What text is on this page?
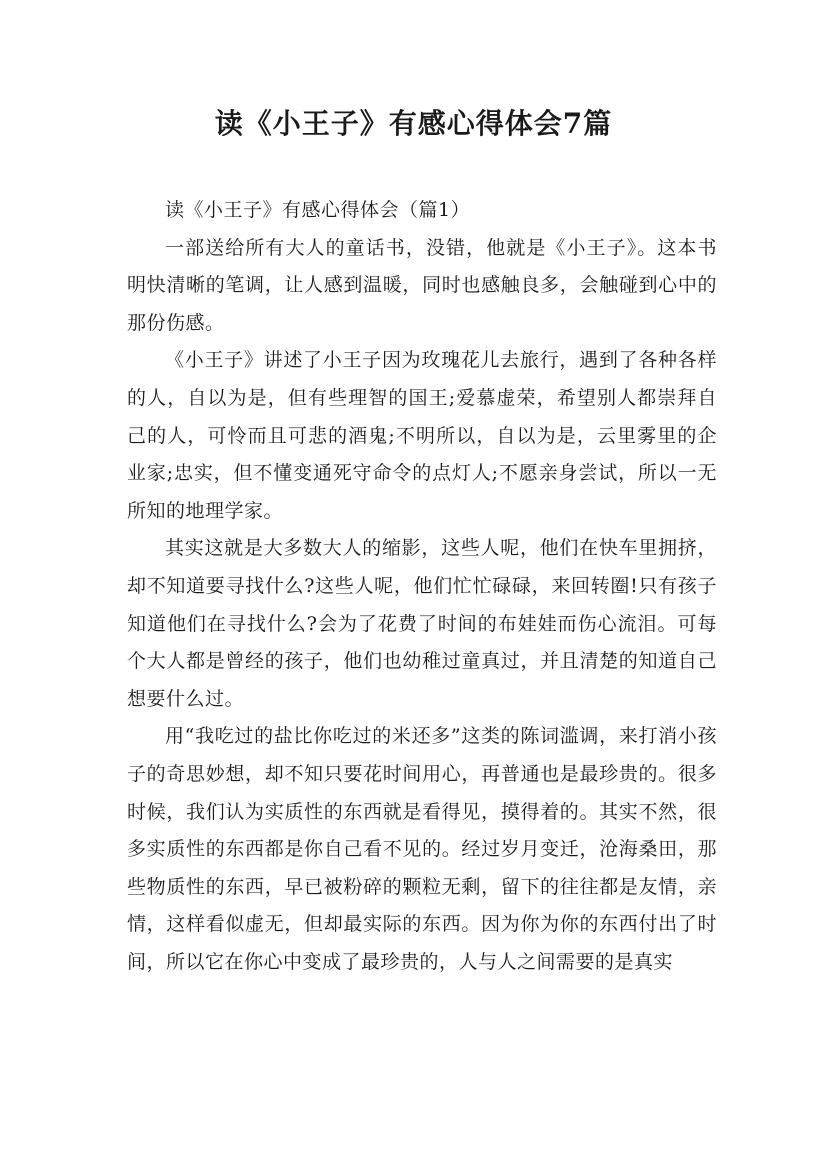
读《小王子》有感心得体会7篇

读《小王子》有感心得体会（篇1）

一部送给所有大人的童话书，没错，他就是《小王子》。这本书明快清晰的笔调，让人感到温暖，同时也感触良多，会触碰到心中的那份伤感。

《小王子》讲述了小王子因为玫瑰花儿去旅行，遇到了各种各样的人，自以为是，但有些理智的国王;爱慕虚荣，希望别人都崇拜自己的人，可怜而且可悲的酒鬼;不明所以，自以为是，云里雾里的企业家;忠实，但不懂变通死守命令的点灯人;不愿亲身尝试，所以一无所知的地理学家。

其实这就是大多数大人的缩影，这些人呢，他们在快车里拥挤，却不知道要寻找什么?这些人呢，他们忙忙碌碌，来回转圈!只有孩子知道他们在寻找什么?会为了花费了时间的布娃娃而伤心流泪。可每个大人都是曾经的孩子，他们也幼稚过童真过，并且清楚的知道自己想要什么过。

用“我吃过的盐比你吃过的米还多”这类的陈词滥调，来打消小孩子的奇思妙想，却不知只要花时间用心，再普通也是最珍贵的。很多时候，我们认为实质性的东西就是看得见，摸得着的。其实不然，很多实质性的东西都是你自己看不见的。经过岁月变迁，沧海桑田，那些物质性的东西，早已被粉碎的颗粒无剩，留下的往往都是友情，亲情，这样看似虚无，但却最实际的东西。因为你为你的东西付出了时间，所以它在你心中变成了最珍贵的，人与人之间需要的是真实
